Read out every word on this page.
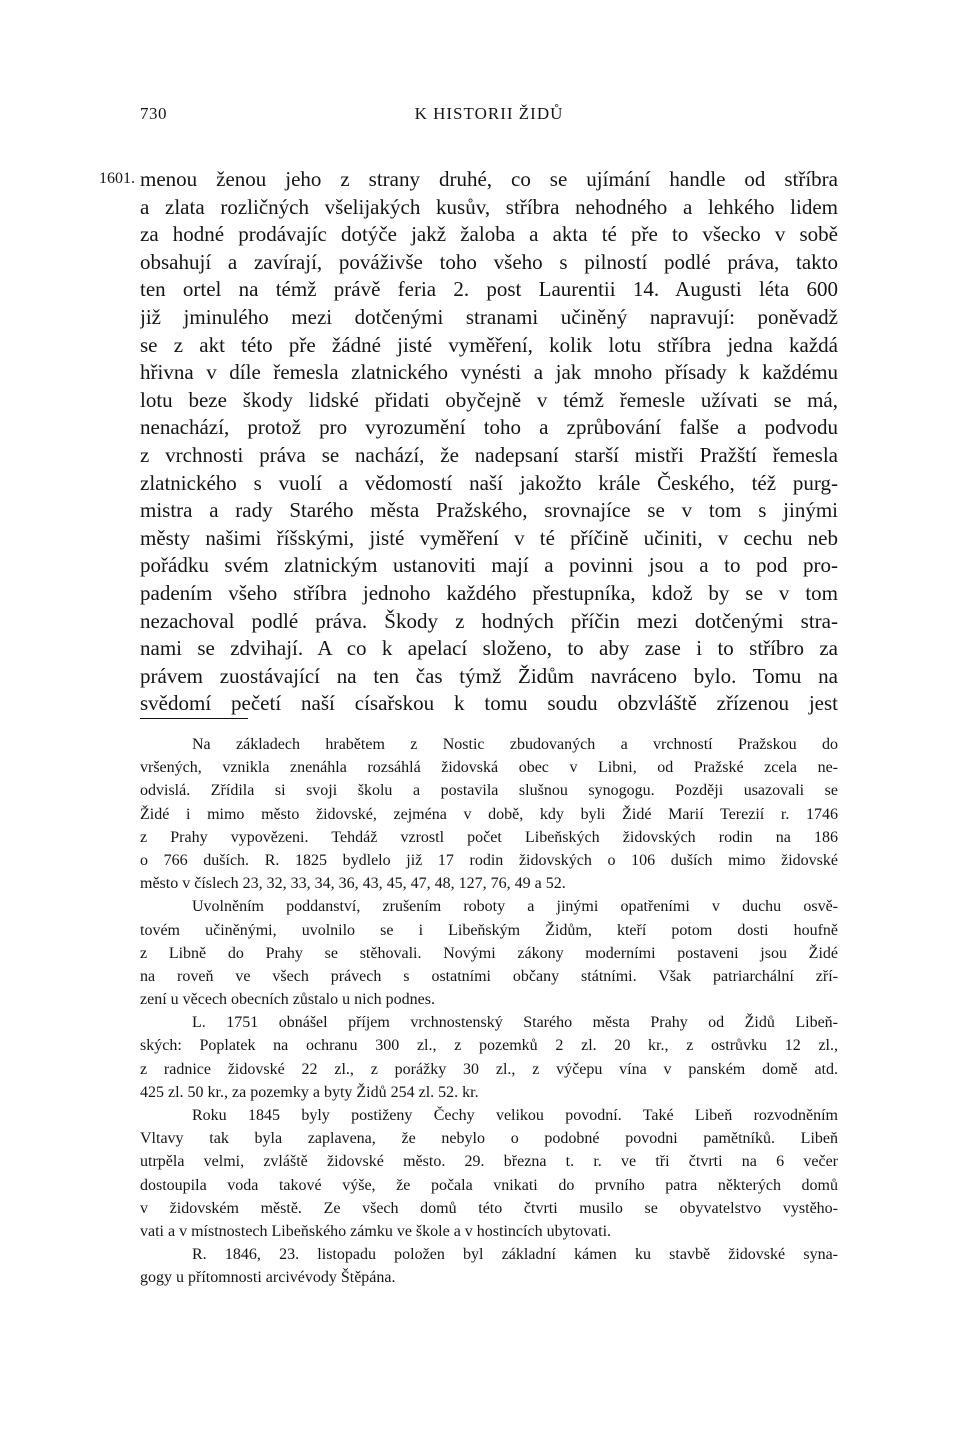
730	K HISTORII ŽIDŮ
1601. menou ženou jeho z strany druhé, co se ujímání handle od stříbra
a zlata rozličných všelijakých kusův, stříbra nehodného a lehkého lidem
za hodné prodávajíc dotýče jakž žaloba a akta té pře to všecko v sobě
obsahují a zavírají, pováživše toho všeho s pilností podlé práva, takto
ten ortel na témž právě feria 2. post Laurentii 14. Augusti léta 600
již jminulého mezi dotčenými stranami učiněný napravují: poněvadž
se z akt této pře žádné jisté vyměření, kolik lotu stříbra jedna každá
hřivna v díle řemesla zlatnického vynésti a jak mnoho přísady k každému
lotu beze škody lidské přidati obyčejně v témž řemesle užívati se má,
nenachází, protož pro vyrozumění toho a zprůbování falše a podvodu
z vrchnosti práva se nachází, že nadepsaní starší mistři Pražští řemesla
zlatnického s vuolí a vědomostí naší jakožto krále Českého, též purg-
mistra a rady Starého města Pražského, srovnajíce se v tom s jinými
městy našimi říšskými, jisté vyměření v té příčině učiniti, v cechu neb
pořádku svém zlatnickým ustanoviti mají a povinni jsou a to pod pro-
padením všeho stříbra jednoho každého přestupníka, kdož by se v tom
nezachoval podlé práva. Škody z hodných příčin mezi dotčenými stra-
nami se zdvihají. A co k apelací složeno, to aby zase i to stříbro za
právem zuostávající na ten čas týmž Židům navráceno bylo. Tomu na
svědomí pečetí naší císařskou k tomu soudu obzvláště zřízenou jest
Na základech hrabětem z Nostic zbudovaných a vrchností Pražskou do
vršených, vznikla znenáhla rozsáhlá židovská obec v Libni, od Pražské zcela ne-
odvislá. Zřídila si svoji školu a postavila slušnou synogogu. Později usazovali se
Židé i mimo město židovské, zejména v době, kdy byli Židé Marií Terezií r. 1746
z Prahy vypovězeni. Tehdáž vzrostl počet Libeňských židovských rodin na 186
o 766 duších. R. 1825 bydlelo již 17 rodin židovských o 106 duších mimo židovské
město v číslech 23, 32, 33, 34, 36, 43, 45, 47, 48, 127, 76, 49 a 52.
Uvolněním poddanství, zrušením roboty a jinými opatřeními v duchu osvě-
tovém učiněnými, uvolnilo se i Libeňským Židům, kteří potom dosti houfně
z Libně do Prahy se stěhovali. Novými zákony moderními postaveni jsou Židé
na roveň ve všech právech s ostatními občany státními. Však patriarchální zří-
zení u věcech obecních zůstalo u nich podnes.
L. 1751 obnášel příjem vrchnostenský Starého města Prahy od Židů Libeň-
ských: Poplatek na ochranu 300 zl., z pozemků 2 zl. 20 kr., z ostrůvku 12 zl.,
z radnice židovské 22 zl., z porážky 30 zl., z výčepu vína v panském domě atd.
425 zl. 50 kr., za pozemky a byty Židů 254 zl. 52. kr.
Roku 1845 byly postiženy Čechy velikou povodní. Také Libeň rozvodněním
Vltavy tak byla zaplavena, že nebylo o podobné povodni pamětníků. Libeň
utrpěla velmi, zvláště židovské město. 29. března t. r. ve tři čtvrti na 6 večer
dostoupila voda takové výše, že počala vnikati do prvního patra některých domů
v židovském městě. Ze všech domů této čtvrti musilo se obyvatelstvo vystěho-
vati a v místnostech Libeňského zámku ve škole a v hostincích ubytovati.
R. 1846, 23. listopadu položen byl základní kámen ku stavbě židovské syna-
gogy u přítomnosti arcivévody Štěpána.
